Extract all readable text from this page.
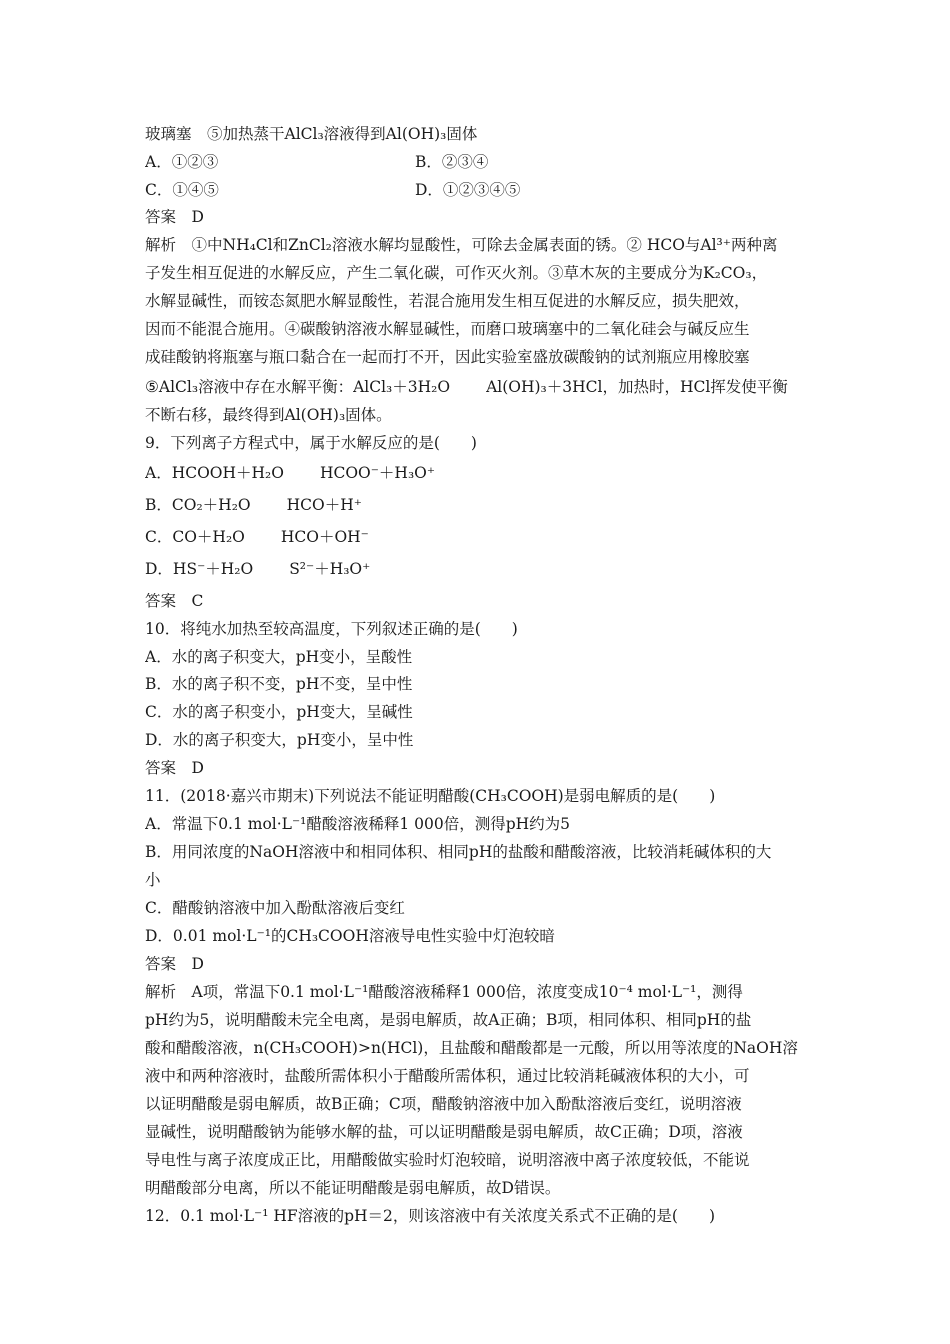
玻璃塞　⑤加热蒸干AlCl₃溶液得到Al(OH)₃固体
A．①②③	B．②③④
C．①④⑤	D．①②③④⑤
答案　D
解析　①中NH₄Cl和ZnCl₂溶液水解均显酸性，可除去金属表面的锈。② HCO与Al³⁺两种离
子发生相互促进的水解反应，产生二氧化碳，可作灭火剂。③草木灰的主要成分为K₂CO₃，
水解显碱性，而铵态氮肥水解显酸性，若混合施用发生相互促进的水解反应，损失肥效，
因而不能混合施用。④碳酸钠溶液水解显碱性，而磨口玻璃塞中的二氧化硅会与碱反应生
成硅酸钠将瓶塞与瓶口黏合在一起而打不开，因此实验室盛放碳酸钠的试剂瓶应用橡胶塞
⑤AlCl₃溶液中存在水解平衡：AlCl₃＋3H₂O Al(OH)₃＋3HCl，加热时，HCl挥发使平衡
不断右移，最终得到Al(OH)₃固体。
9．下列离子方程式中，属于水解反应的是(　　)
A．HCOOH＋H₂O HCOO⁻＋H₃O⁺
B．CO₂＋H₂O HCO＋H⁺
C．CO＋H₂O HCO＋OH⁻
D．HS⁻＋H₂O S²⁻＋H₃O⁺
答案　C
10．将纯水加热至较高温度，下列叙述正确的是(　　)
A．水的离子积变大，pH变小，呈酸性
B．水的离子积不变，pH不变，呈中性
C．水的离子积变小，pH变大，呈碱性
D．水的离子积变大，pH变小，呈中性
答案　D
11．(2018·嘉兴市期末)下列说法不能证明醋酸(CH₃COOH)是弱电解质的是(　　)
A．常温下0.1 mol·L⁻¹醋酸溶液稀释1 000倍，测得pH约为5
B．用同浓度的NaOH溶液中和相同体积、相同pH的盐酸和醋酸溶液，比较消耗碱体积的大
小
C．醋酸钠溶液中加入酚酞溶液后变红
D．0.01 mol·L⁻¹的CH₃COOH溶液导电性实验中灯泡较暗
答案　D
解析　A项，常温下0.1 mol·L⁻¹醋酸溶液稀释1 000倍，浓度变成10⁻⁴ mol·L⁻¹，测得
pH约为5，说明醋酸未完全电离，是弱电解质，故A正确；B项，相同体积、相同pH的盐
酸和醋酸溶液，n(CH₃COOH)>n(HCl)，且盐酸和醋酸都是一元酸，所以用等浓度的NaOH溶
液中和两种溶液时，盐酸所需体积小于醋酸所需体积，通过比较消耗碱液体积的大小，可
以证明醋酸是弱电解质，故B正确；C项，醋酸钠溶液中加入酚酞溶液后变红，说明溶液
显碱性，说明醋酸钠为能够水解的盐，可以证明醋酸是弱电解质，故C正确；D项，溶液
导电性与离子浓度成正比，用醋酸做实验时灯泡较暗，说明溶液中离子浓度较低，不能说
明醋酸部分电离，所以不能证明醋酸是弱电解质，故D错误。
12．0.1 mol·L⁻¹ HF溶液的pH＝2，则该溶液中有关浓度关系式不正确的是(　　)
